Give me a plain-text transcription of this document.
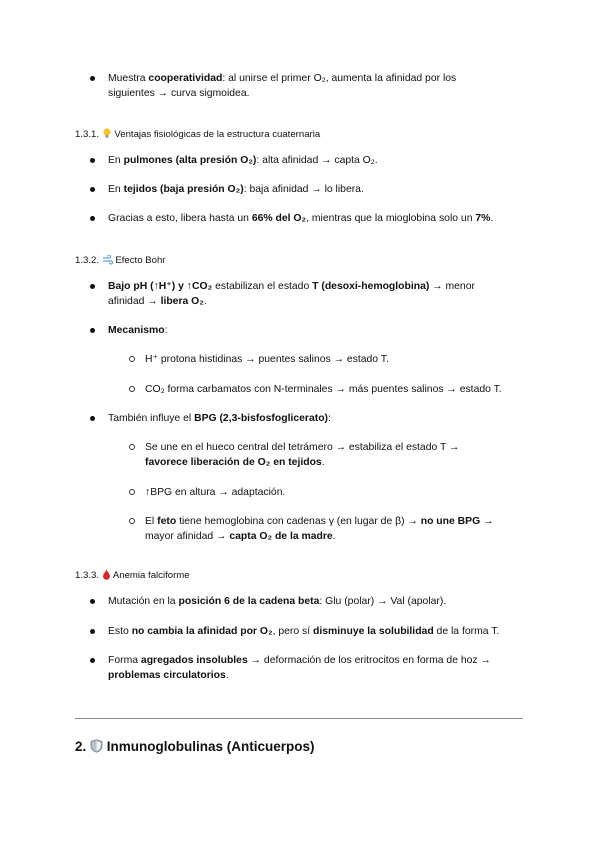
Muestra cooperatividad: al unirse el primer O₂, aumenta la afinidad por los
siguientes → curva sigmoidea.
1.3.1. Ventajas fisiológicas de la estructura cuaternaria
En pulmones (alta presión O₂): alta afinidad → capta O₂.
En tejidos (baja presión O₂): baja afinidad → lo libera.
Gracias a esto, libera hasta un 66% del O₂, mientras que la mioglobina solo un 7%.
1.3.2. Efecto Bohr
Bajo pH (↑H⁺) y ↑CO₂ estabilizan el estado T (desoxi-hemoglobina) → menor
afinidad → libera O₂.
Mecanismo:
H⁺ protona histidinas → puentes salinos → estado T.
CO₂ forma carbamatos con N-terminales → más puentes salinos → estado T.
También influye el BPG (2,3-bisfosfoglicerato):
Se une en el hueco central del tetrámero → estabiliza el estado T →
favorece liberación de O₂ en tejidos.
↑BPG en altura → adaptación.
El feto tiene hemoglobina con cadenas γ (en lugar de β) → no une BPG →
mayor afinidad → capta O₂ de la madre.
1.3.3. Anemia falciforme
Mutación en la posición 6 de la cadena beta: Glu (polar) → Val (apolar).
Esto no cambia la afinidad por O₂, pero sí disminuye la solubilidad de la forma T.
Forma agregados insolubles → deformación de los eritrocitos en forma de hoz →
problemas circulatorios.
2. Inmunoglobulinas (Anticuerpos)
